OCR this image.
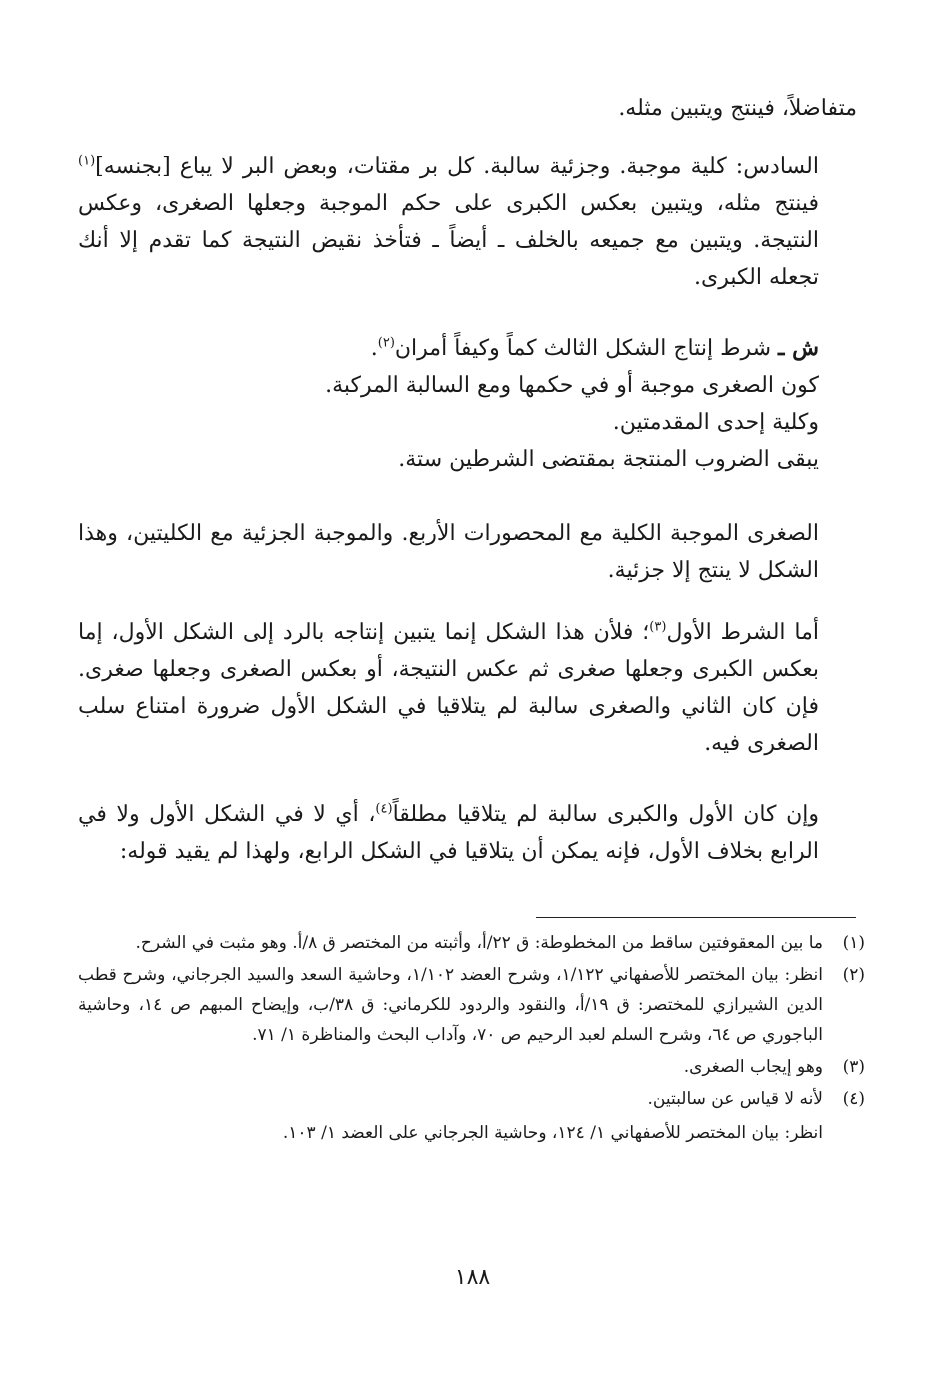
متفاضلاً، فينتج ويتبين مثله.

السادس: كلية موجبة. وجزئية سالبة. كل بر مقتات، وبعض البر لا يباع [بجنسه]$^{(١)}$ فينتج مثله، ويتبين بعكس الكبرى على حكم الموجبة وجعلها الصغرى، وعكس النتيجة. ويتبين مع جميعه بالخلف ـ أيضاً ـ فتأخذ نقيض النتيجة كما تقدم إلا أنك تجعله الكبرى.

ش ـ شرط إنتاج الشكل الثالث كماً وكيفاً أمران$^{(٢)}$.

كون الصغرى موجبة أو في حكمها ومع السالبة المركبة.

وكلية إحدى المقدمتين.

يبقى الضروب المنتجة بمقتضى الشرطين ستة.

الصغرى الموجبة الكلية مع المحصورات الأربع. والموجبة الجزئية مع الكليتين، وهذا الشكل لا ينتج إلا جزئية.

أما الشرط الأول$^{(٣)}$؛ فلأن هذا الشكل إنما يتبين إنتاجه بالرد إلى الشكل الأول، إما بعكس الكبرى وجعلها صغرى ثم عكس النتيجة، أو بعكس الصغرى وجعلها صغرى. فإن كان الثاني والصغرى سالبة لم يتلاقيا في الشكل الأول ضرورة امتناع سلب الصغرى فيه.

وإن كان الأول والكبرى سالبة لم يتلاقيا مطلقاً$^{(٤)}$، أي لا في الشكل الأول ولا في الرابع بخلاف الأول، فإنه يمكن أن يتلاقيا في الشكل الرابع، ولهذا لم يقيد قوله:

(١)
ما بين المعقوفتين ساقط من المخطوطة: ق ٢٢/أ، وأثبته من المختصر ق ٨/أ. وهو مثبت في الشرح.
(٢)
انظر: بيان المختصر للأصفهاني ١/١٢٢، وشرح العضد ١/١٠٢، وحاشية السعد والسيد الجرجاني، وشرح قطب الدين الشيرازي للمختصر: ق ١٩/أ، والنقود والردود للكرماني: ق ٣٨/ب، وإيضاح المبهم ص ١٤، وحاشية الباجوري ص ٦٤، وشرح السلم لعبد الرحيم ص ٧٠، وآداب البحث والمناظرة ١/ ٧١.
(٣)
وهو إيجاب الصغرى.
(٤)
لأنه لا قياس عن سالبتين.
انظر: بيان المختصر للأصفهاني ١/ ١٢٤، وحاشية الجرجاني على العضد ١/ ١٠٣.
١٨٨
